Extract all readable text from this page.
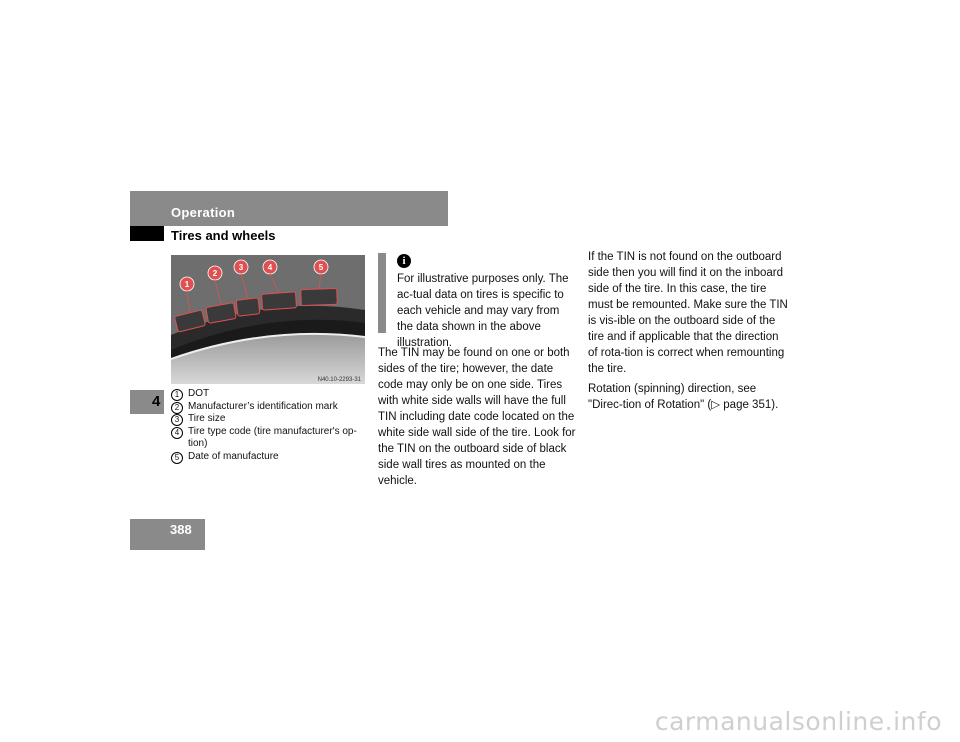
Operation
Tires and wheels
4
388
1
2
3	4	5
N40.10-2293-31
1 DOT
2 Manufacturer’s identification mark
3 Tire size
4 Tire type code (tire manufacturer's op-tion)
5 Date of manufacture
i
For illustrative purposes only. The ac-tual data on tires is specific to each vehicle and may vary from the data shown in the above illustration.

The TIN may be found on one or both sides of the tire; however, the date code may only be on one side. Tires with white side walls will have the full TIN including date code located on the white side wall side of the tire. Look for the TIN on the outboard side of black side wall tires as mounted on the vehicle.

If the TIN is not found on the outboard side then you will find it on the inboard side of the tire. In this case, the tire must be remounted. Make sure the TIN is vis-ible on the outboard side of the tire and if applicable that the direction of rota-tion is correct when remounting the tire.

Rotation (spinning) direction, see "Direc-tion of Rotation" (▷ page 351).

carmanualsonline.info
